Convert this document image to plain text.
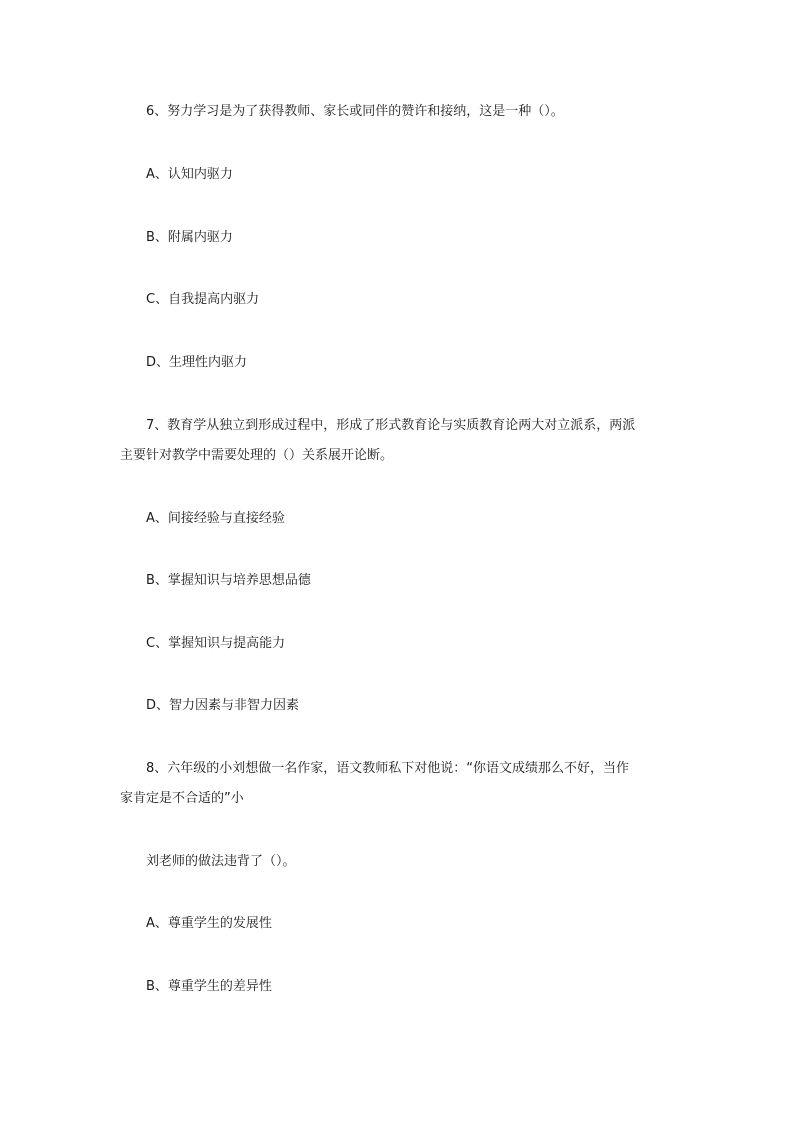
6、努力学习是为了获得教师、家长或同伴的赞许和接纳，这是一种（）。
A、认知内驱力
B、附属内驱力
C、自我提高内驱力
D、生理性内驱力
7、教育学从独立到形成过程中，形成了形式教育论与实质教育论两大对立派系，两派
主要针对教学中需要处理的（）关系展开论断。
A、间接经验与直接经验
B、掌握知识与培养思想品德
C、掌握知识与提高能力
D、智力因素与非智力因素
8、六年级的小刘想做一名作家，语文教师私下对他说：“你语文成绩那么不好，当作
家肯定是不合适的”小
刘老师的做法违背了（）。
A、尊重学生的发展性
B、尊重学生的差异性
